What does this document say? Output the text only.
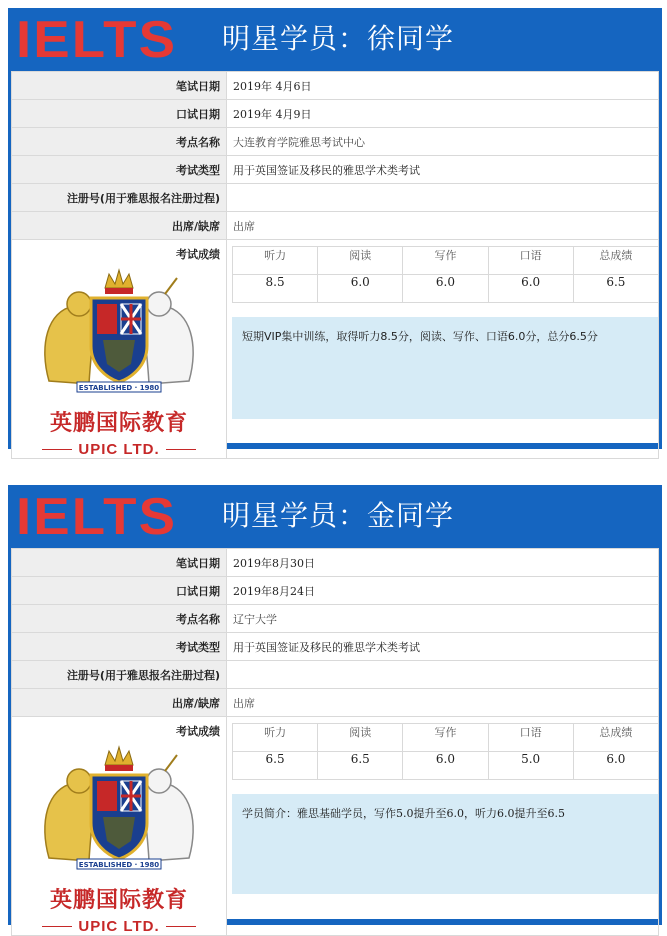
IELTS 明星学员：徐同学
笔试日期	2019年 4月6日
口试日期	2019年 4月9日
考点名称	大连教育学院雅思考试中心
考试类型	用于英国签证及移民的雅思学术类考试
注册号(用于雅思报名注册过程)	
出席/缺席	出席

考试成绩
ESTABLISHED · 1980
英鹏国际教育
UPIC LTD.

听力	阅读	写作	口语	总成绩
8.5	6.0	6.0	6.0	6.5
短期VIP集中训练，取得听力8.5分，阅读、写作、口语6.0分，总分6.5分
IELTS 明星学员：金同学
笔试日期	2019年8月30日
口试日期	2019年8月24日
考点名称	辽宁大学
考试类型	用于英国签证及移民的雅思学术类考试
注册号(用于雅思报名注册过程)	
出席/缺席	出席

考试成绩
ESTABLISHED · 1980
英鹏国际教育
UPIC LTD.

听力	阅读	写作	口语	总成绩
6.5	6.5	6.0	5.0	6.0
学员简介：雅思基础学员，写作5.0提升至6.0，听力6.0提升至6.5
